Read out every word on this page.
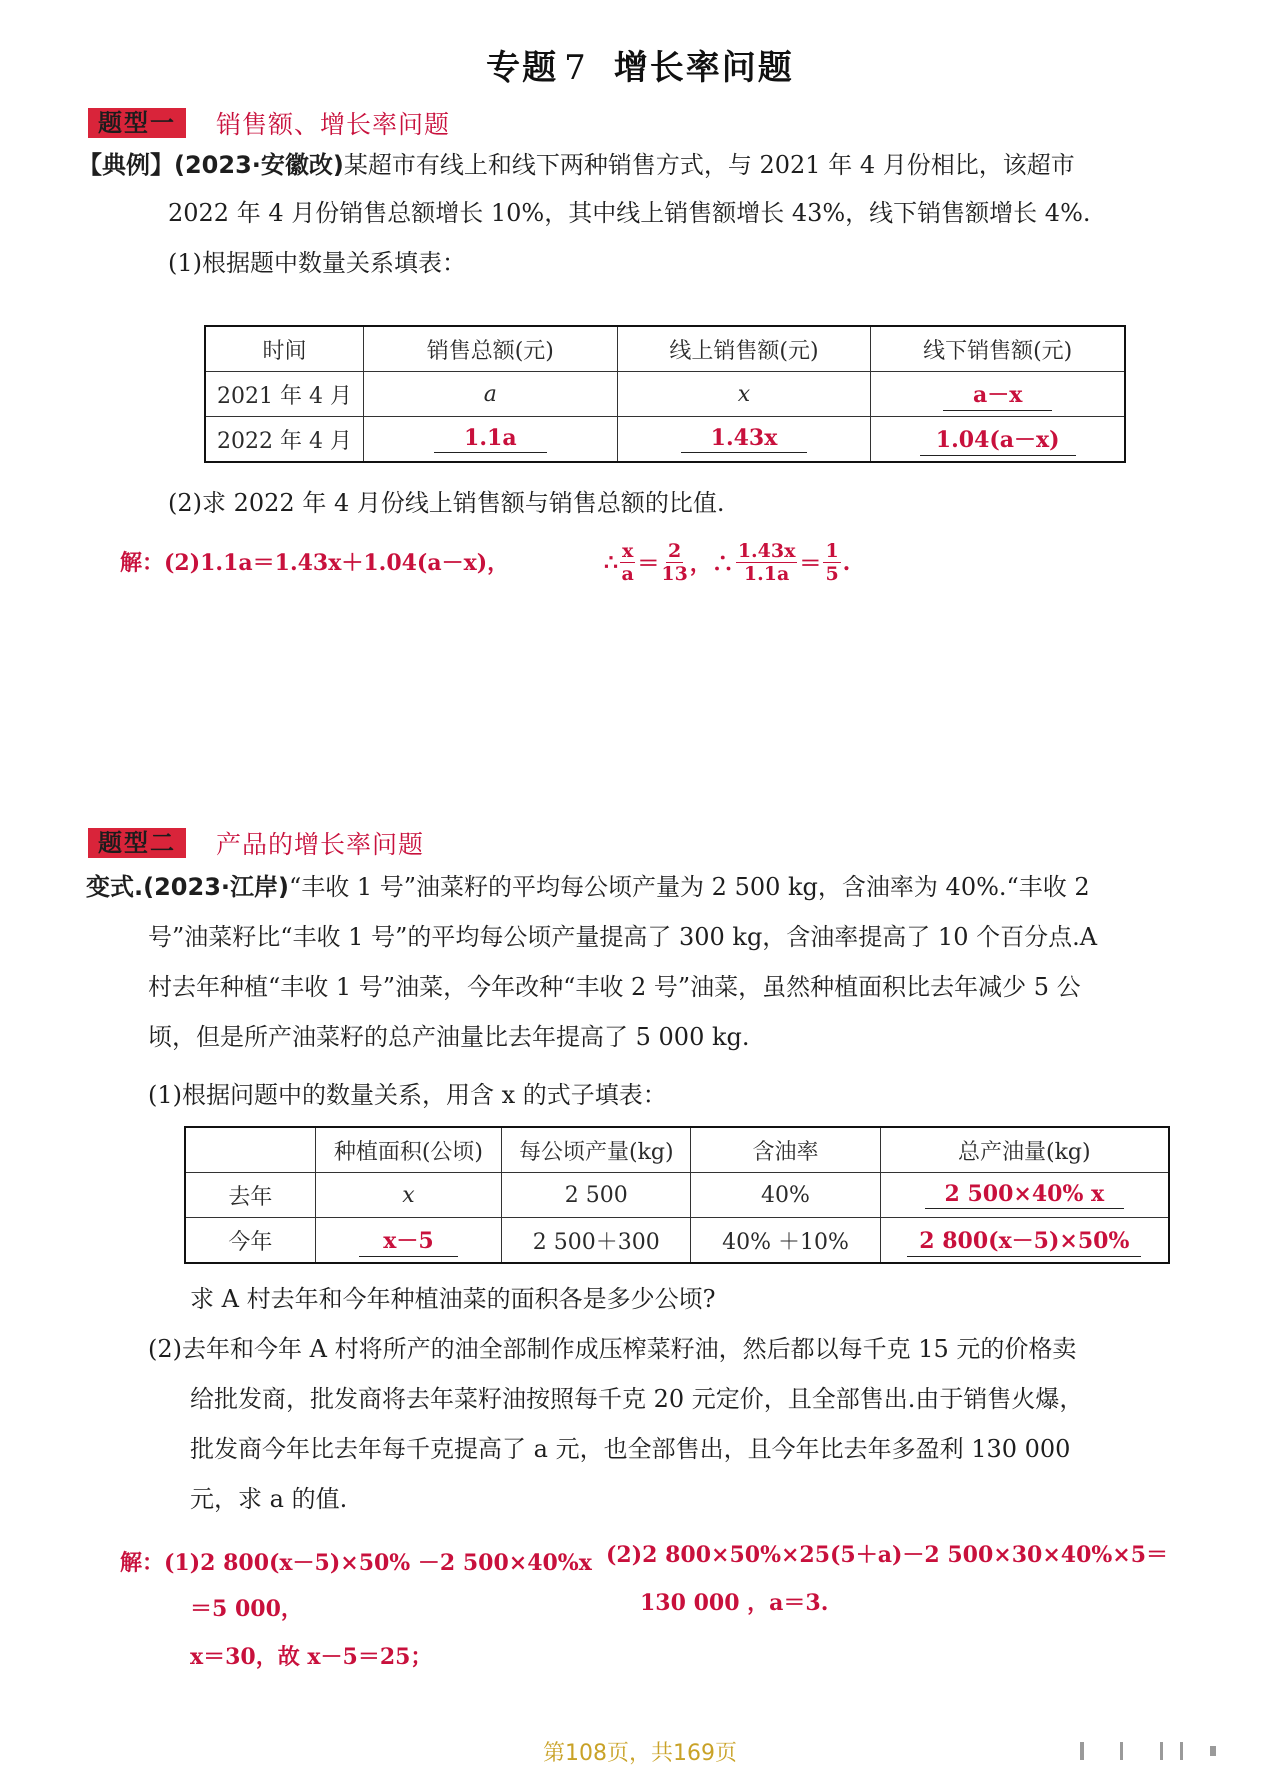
专题 7 增长率问题
题型一	销售额、增长率问题
【典例】(2023·安徽改)某超市有线上和线下两种销售方式，与 2021 年 4 月份相比，该超市
2022 年 4 月份销售总额增长 10%，其中线上销售额增长 43%，线下销售额增长 4%.
(1)根据题中数量关系填表：
时间	销售总额(元)	线上销售额(元)	线下销售额(元)
2021 年 4 月	a	x	a－x
2022 年 4 月	1.1a	1.43x	1.04(a－x)
(2)求 2022 年 4 月份线上销售额与销售总额的比值.
解：(2)1.1a＝1.43x＋1.04(a－x)，	∴ $\frac{x}{a} = \frac{2}{13}$ ，∴ $\frac{1.43x}{1.1a} = \frac{1}{5}$ .
题型二	产品的增长率问题
变式.(2023·江岸)“丰收 1 号”油菜籽的平均每公顷产量为 2 500 kg，含油率为 40%.“丰收 2
号”油菜籽比“丰收 1 号”的平均每公顷产量提高了 300 kg，含油率提高了 10 个百分点.A
村去年种植“丰收 1 号”油菜，今年改种“丰收 2 号”油菜，虽然种植面积比去年减少 5 公
顷，但是所产油菜籽的总产油量比去年提高了 5 000 kg.
(1)根据问题中的数量关系，用含 x 的式子填表：
	种植面积(公顷)	每公顷产量(kg)	含油率	总产油量(kg)
去年	x	2 500	40%	2 500×40% x
今年	x－5	2 500＋300	40% ＋10%	2 800(x－5)×50%
求 A 村去年和今年种植油菜的面积各是多少公顷?
(2)去年和今年 A 村将所产的油全部制作成压榨菜籽油，然后都以每千克 15 元的价格卖
给批发商，批发商将去年菜籽油按照每千克 20 元定价，且全部售出.由于销售火爆，
批发商今年比去年每千克提高了 a 元，也全部售出，且今年比去年多盈利 130 000
元，求 a 的值.
解：(1)2 800(x－5)×50% －2 500×40%x
＝5 000，
x＝30，故 x－5＝25；
(2)2 800×50%×25(5＋a)－2 500×30×40%×5＝
130 000 ，a＝3.
第108页，共169页
